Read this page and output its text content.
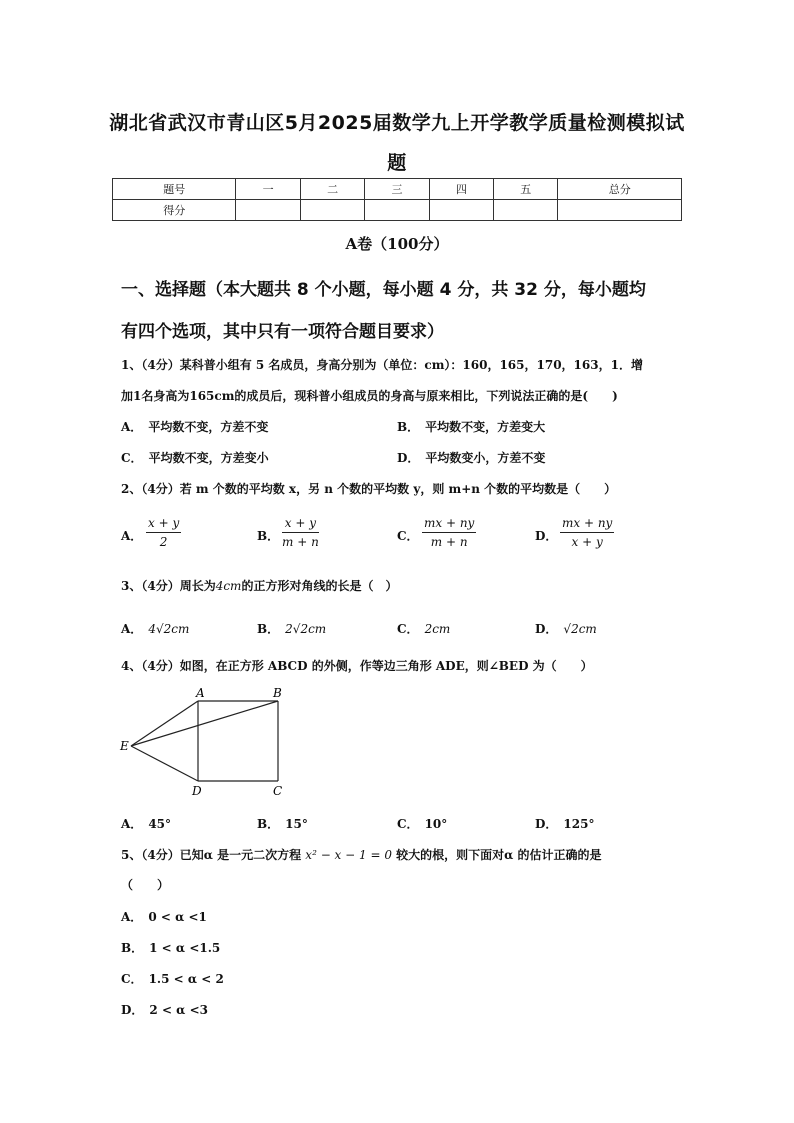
湖北省武汉市青山区5月2025届数学九上开学教学质量检测模拟试
题
题号	一	二	三	四	五	总分
得分						
A卷（100分）
一、选择题（本大题共 8 个小题，每小题 4 分，共 32 分，每小题均
有四个选项，其中只有一项符合题目要求）
1、（4分）某科普小组有 5 名成员，身高分别为（单位：cm）：160，165，170，163，1．增
加1名身高为165cm的成员后，现科普小组成员的身高与原来相比，下列说法正确的是(　　)
A． 平均数不变，方差不变	B． 平均数不变，方差变大
C． 平均数不变，方差变小	D． 平均数变小，方差不变
2、（4分）若 m 个数的平均数 x，另 n 个数的平均数 y，则 m+n 个数的平均数是（　　）
A． $\frac{x + y}{2}$	B． $\frac{x + y}{m + n}$	C． $\frac{mx + ny}{m + n}$	D． $\frac{mx + ny}{x + y}$
3、（4分）周长为4cm的正方形对角线的长是（　）
A． 4√2cm	B． 2√2cm	C． 2cm	D． √2cm
4、（4分）如图，在正方形 ABCD 的外侧，作等边三角形 ADE，则∠BED 为（　　）
A	B
C
D
E
A． 45°	B． 15°	C． 10°	D． 125°
5、（4分）已知α 是一元二次方程 x² − x − 1 = 0 较大的根，则下面对α 的估计正确的是
（　　）
A． 0 < α <1
B． 1 < α <1.5
C． 1.5 < α < 2
D． 2 < α <3
